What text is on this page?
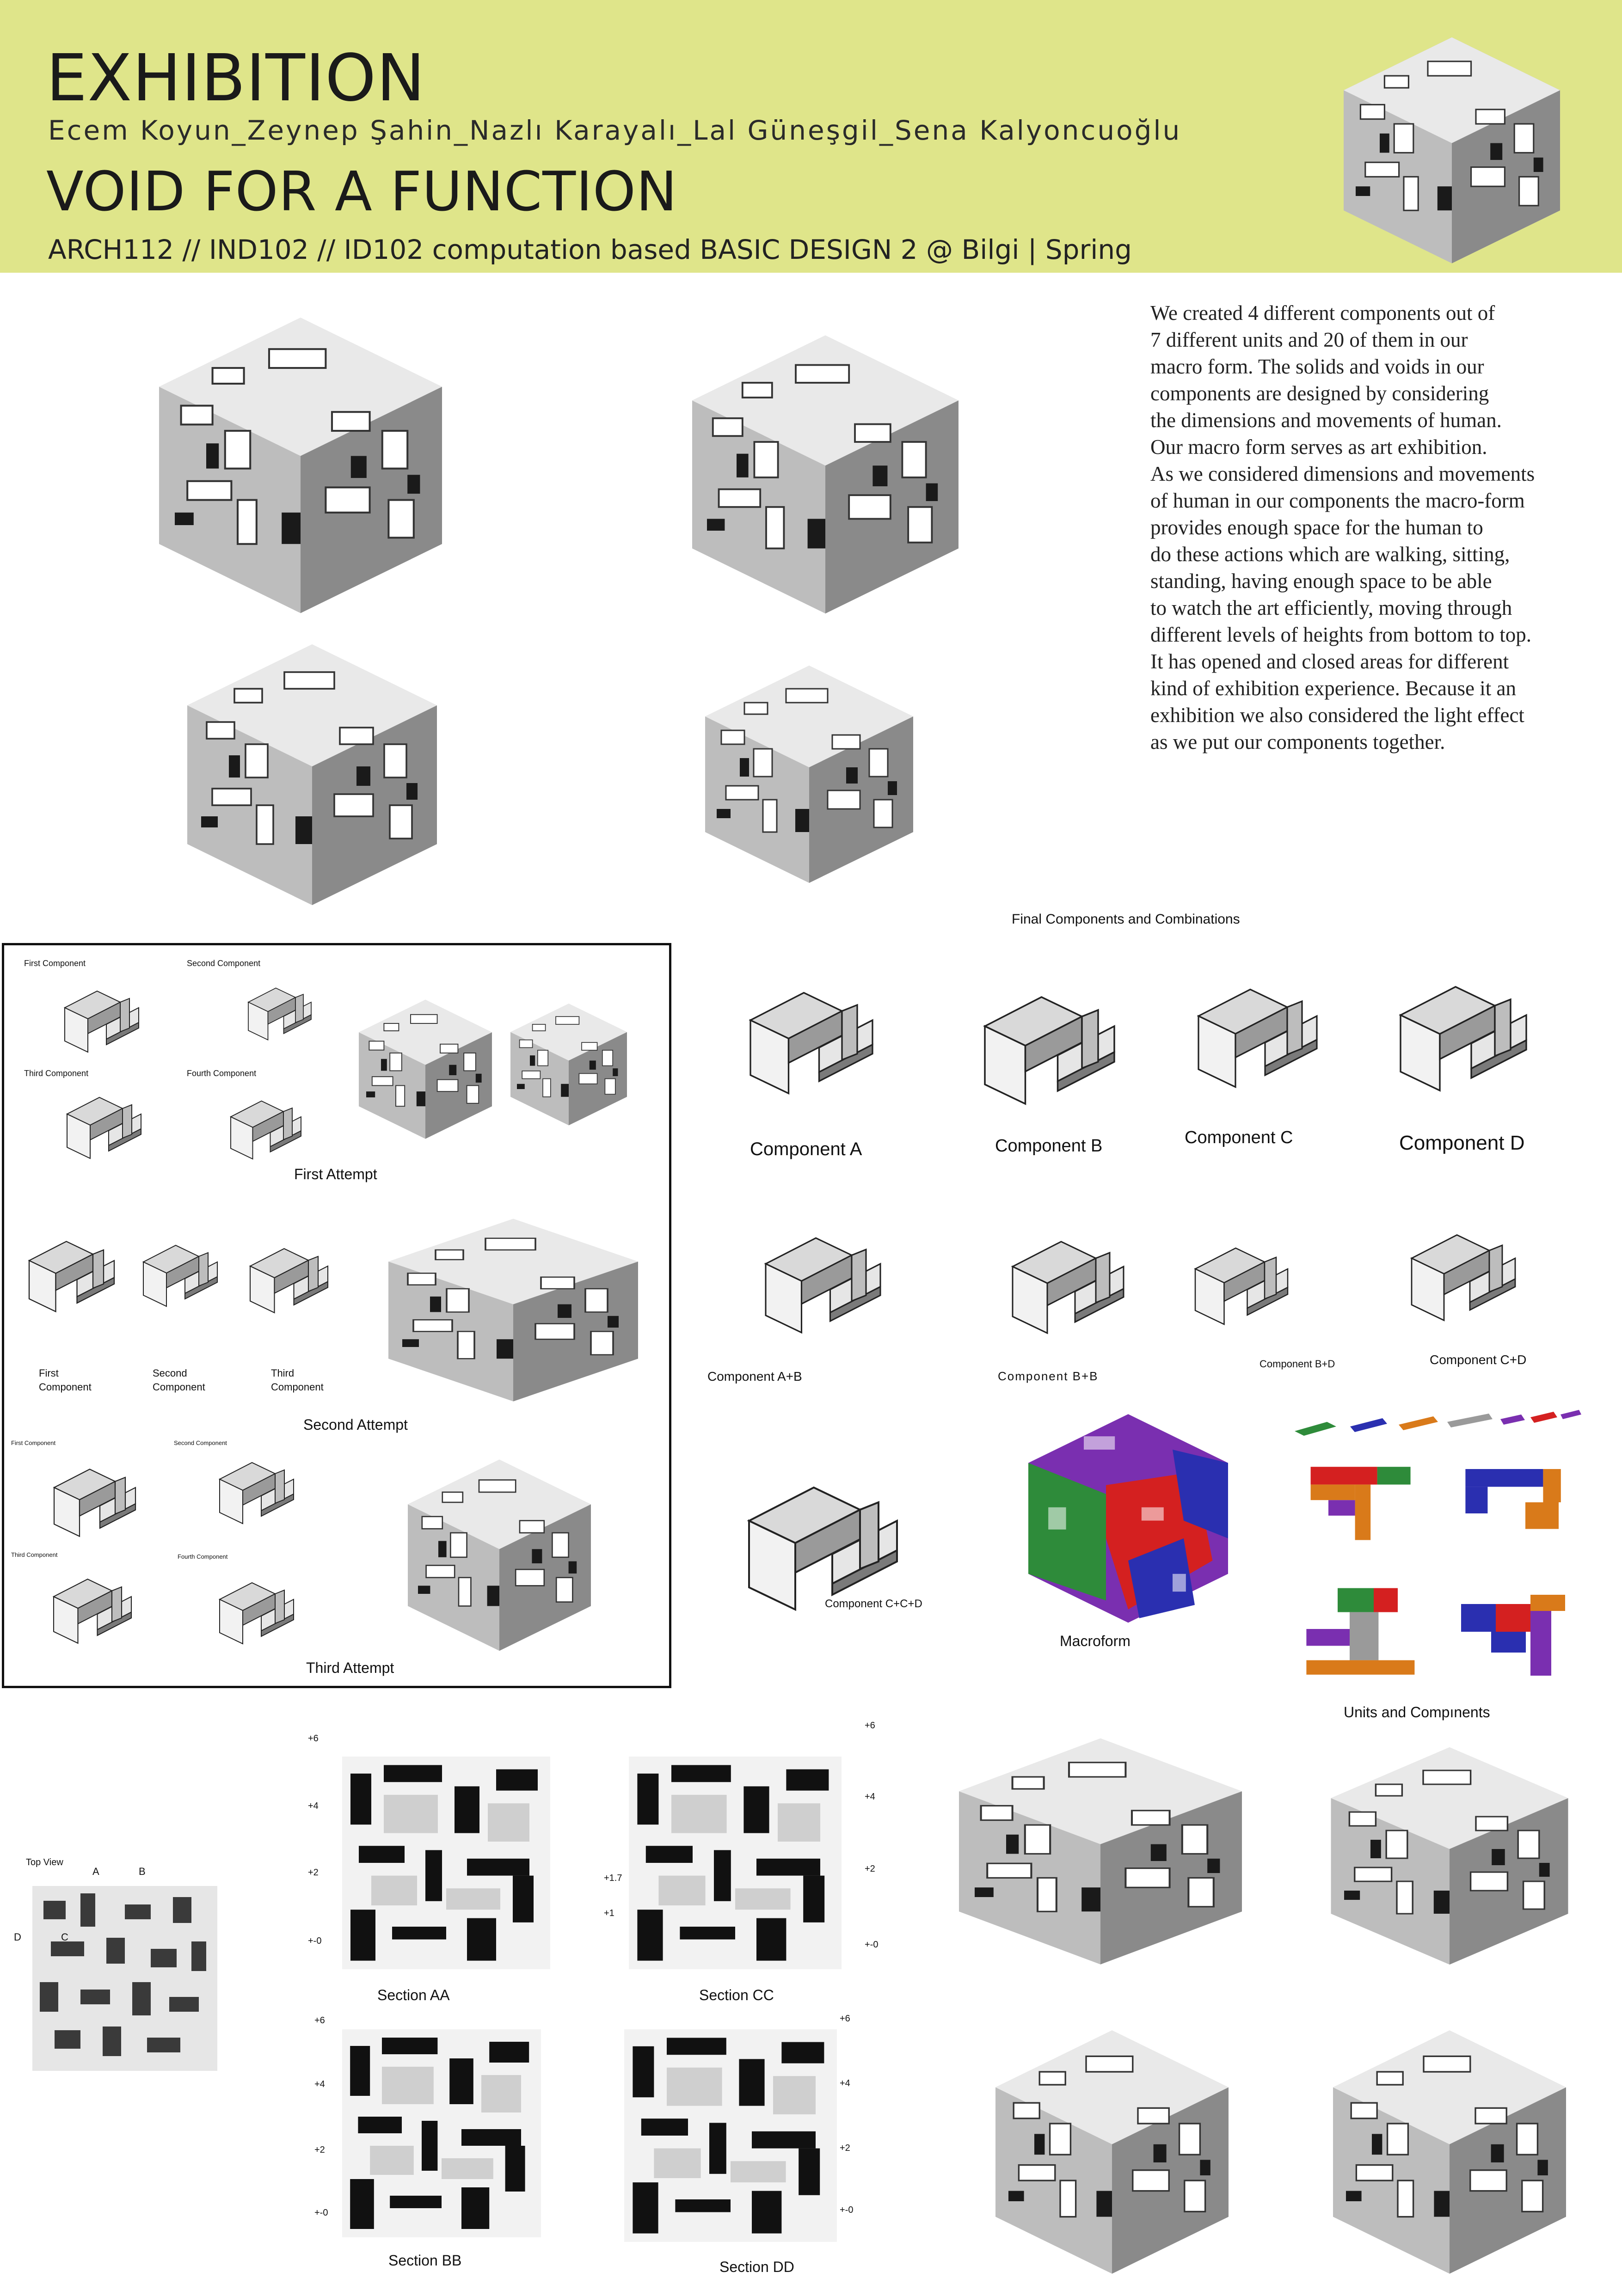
EXHIBITION
Ecem Koyun_Zeynep Şahin_Nazlı Karayalı_Lal Güneşgil_Sena Kalyoncuoğlu
VOID FOR A FUNCTION
ARCH112 // IND102 // ID102 computation based BASIC DESIGN 2 @ Bilgi | Spring

We created 4 different components out of

7 different units and 20 of them in our

macro form. The solids and voids in our

components are designed by considering

the dimensions and movements of human.

Our macro form serves as art exhibition.

As we considered dimensions and movements

of human in our components the macro-form

provides enough space for the human to

do these actions which are walking, sitting,

standing, having enough space to be able

to watch the art efficiently, moving through

different levels of heights from bottom to top.

It has opened and closed areas for different

kind of exhibition experience. Because it an

exhibition we also considered the light effect

as we put our components together.

First Component	Second Component
Third Component	Fourth Component
First Attempt
First
Component
Second
Component
Third
Component
Second Attempt
First Component	Second Component
Third Component	Fourth Component
Third Attempt
Final Components and Combinations
Component A	Component B	Component C	Component D
Component A+B	Component B+B
Component B+D	Component C+D
Component C+C+D
Macroform
Units and Compınents
Top View
A	B
C
D
+6
+4
+2
+-0
Section AA
+6
+4
+2
+1.7
+1
+-0
Section CC
+6
+4
+2
+-0
Section BB
+6
+4
+2
+-0
Section DD
